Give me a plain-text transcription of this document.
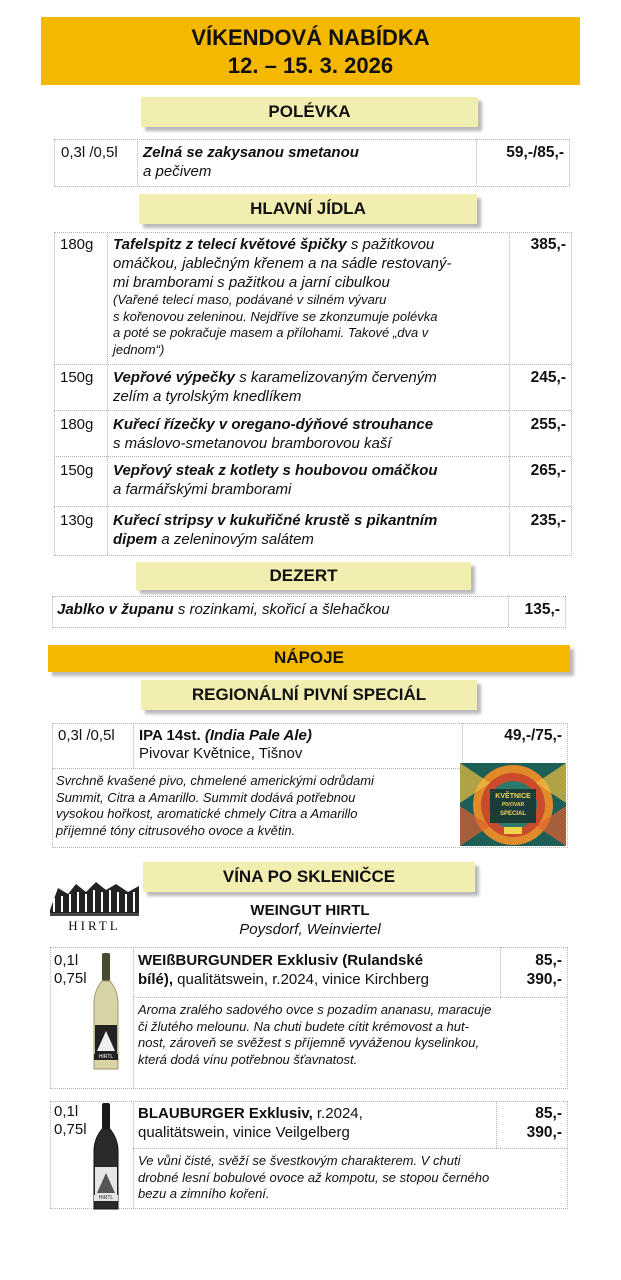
VÍKENDOVÁ NABÍDKA
12. – 15. 3. 2026
POLÉVKA
0,3l /0,5l Zelná se zakysanou smetanou
a pečivem
59,-/85,-
HLAVNÍ JÍDLA
180g Tafelspitz z telecí květové špičky s pažitkovou
omáčkou, jablečným křenem a na sádle restovaný-
mi bramborami s pažitkou a jarní cibulkou
(Vařené telecí maso, podávané v silném vývaru
s kořenovou zeleninou. Nejdříve se zkonzumuje polévka
a poté se pokračuje masem a přílohami. Takové „dva v
jednom“)
385,-
150g Vepřové výpečky s karamelizovaným červeným
zelím a tyrolským knedlíkem
245,-
180g Kuřecí řízečky v oregano-dýňové strouhance
s máslovo-smetanovou bramborovou kaší
255,-
150g Vepřový steak z kotlety s houbovou omáčkou
a farmářskými bramborami
265,-
130g Kuřecí stripsy v kukuřičné krustě s pikantním
dipem a zeleninovým salátem
235,-
DEZERT
Jablko v županu s rozinkami, skořicí a šlehačkou	135,-
NÁPOJE
REGIONÁLNÍ PIVNÍ SPECIÁL
0,3l /0,5l IPA 14st. (India Pale Ale)
Pivovar Květnice, Tišnov
49,-/75,-
Svrchně kvašené pivo, chmelené americkými odrůdami
Summit, Citra a Amarillo. Summit dodává potřebnou
vysokou hořkost, aromatické chmely Citra a Amarillo
příjemné tóny citrusového ovoce a květin.
KVĚTNICE
PIVOVAR
SPECIAL
HIRTL
VÍNA PO SKLENIČCE
WEINGUT HIRTL
Poysdorf, Weinviertel
0,1l
0,75l
HIRTL
WEIßBURGUNDER Exklusiv (Rulandské
bílé), qualitätswein, r.2024, vinice Kirchberg
85,-
390,-
Aroma zralého sadového ovce s pozadím ananasu, maracuje
či žlutého melounu. Na chuti budete cítit krémovost a hut-
nost, zároveň se svěžest s příjemně vyváženou kyselinkou,
která dodá vínu potřebnou šťavnatost.
0,1l
0,75l
HIRTL
BLAUBURGER Exklusiv, r.2024,
qualitätswein, vinice Veilgelberg
85,-
390,-
Ve vůni čisté, svěží se švestkovým charakterem. V chuti
drobné lesní bobulové ovoce až kompotu, se stopou černého
bezu a zimního koření.
